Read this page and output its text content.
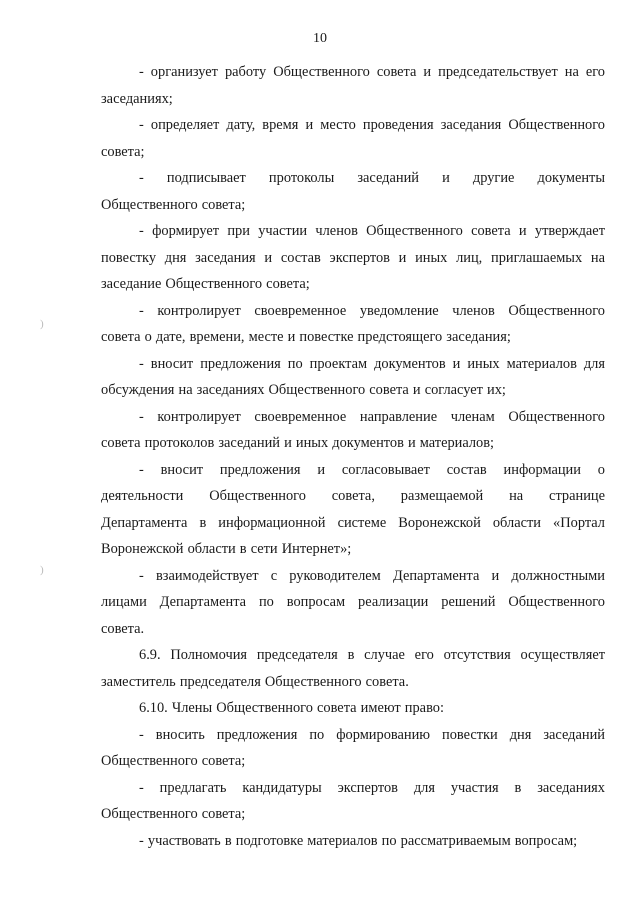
10
)
)
- организует работу Общественного совета и председательствует на его
заседаниях;
- определяет дату, время и место проведения заседания Общественного
совета;
- подписывает протоколы заседаний и другие документы
Общественного совета;
- формирует при участии членов Общественного совета и утверждает
повестку дня заседания и состав экспертов и иных лиц, приглашаемых на
заседание Общественного совета;
- контролирует своевременное уведомление членов Общественного
совета о дате, времени, месте и повестке предстоящего заседания;
- вносит предложения по проектам документов и иных материалов для
обсуждения на заседаниях Общественного совета и согласует их;
- контролирует своевременное направление членам Общественного
совета протоколов заседаний и иных документов и материалов;
- вносит предложения и согласовывает состав информации о
деятельности Общественного совета, размещаемой на странице
Департамента в информационной системе Воронежской области «Портал
Воронежской области в сети Интернет»;
- взаимодействует с руководителем Департамента и должностными
лицами Департамента по вопросам реализации решений Общественного
совета.
6.9. Полномочия председателя в случае его отсутствия осуществляет
заместитель председателя Общественного совета.
6.10. Члены Общественного совета имеют право:
- вносить предложения по формированию повестки дня заседаний
Общественного совета;
- предлагать кандидатуры экспертов для участия в заседаниях
Общественного совета;
- участвовать в подготовке материалов по рассматриваемым вопросам;
